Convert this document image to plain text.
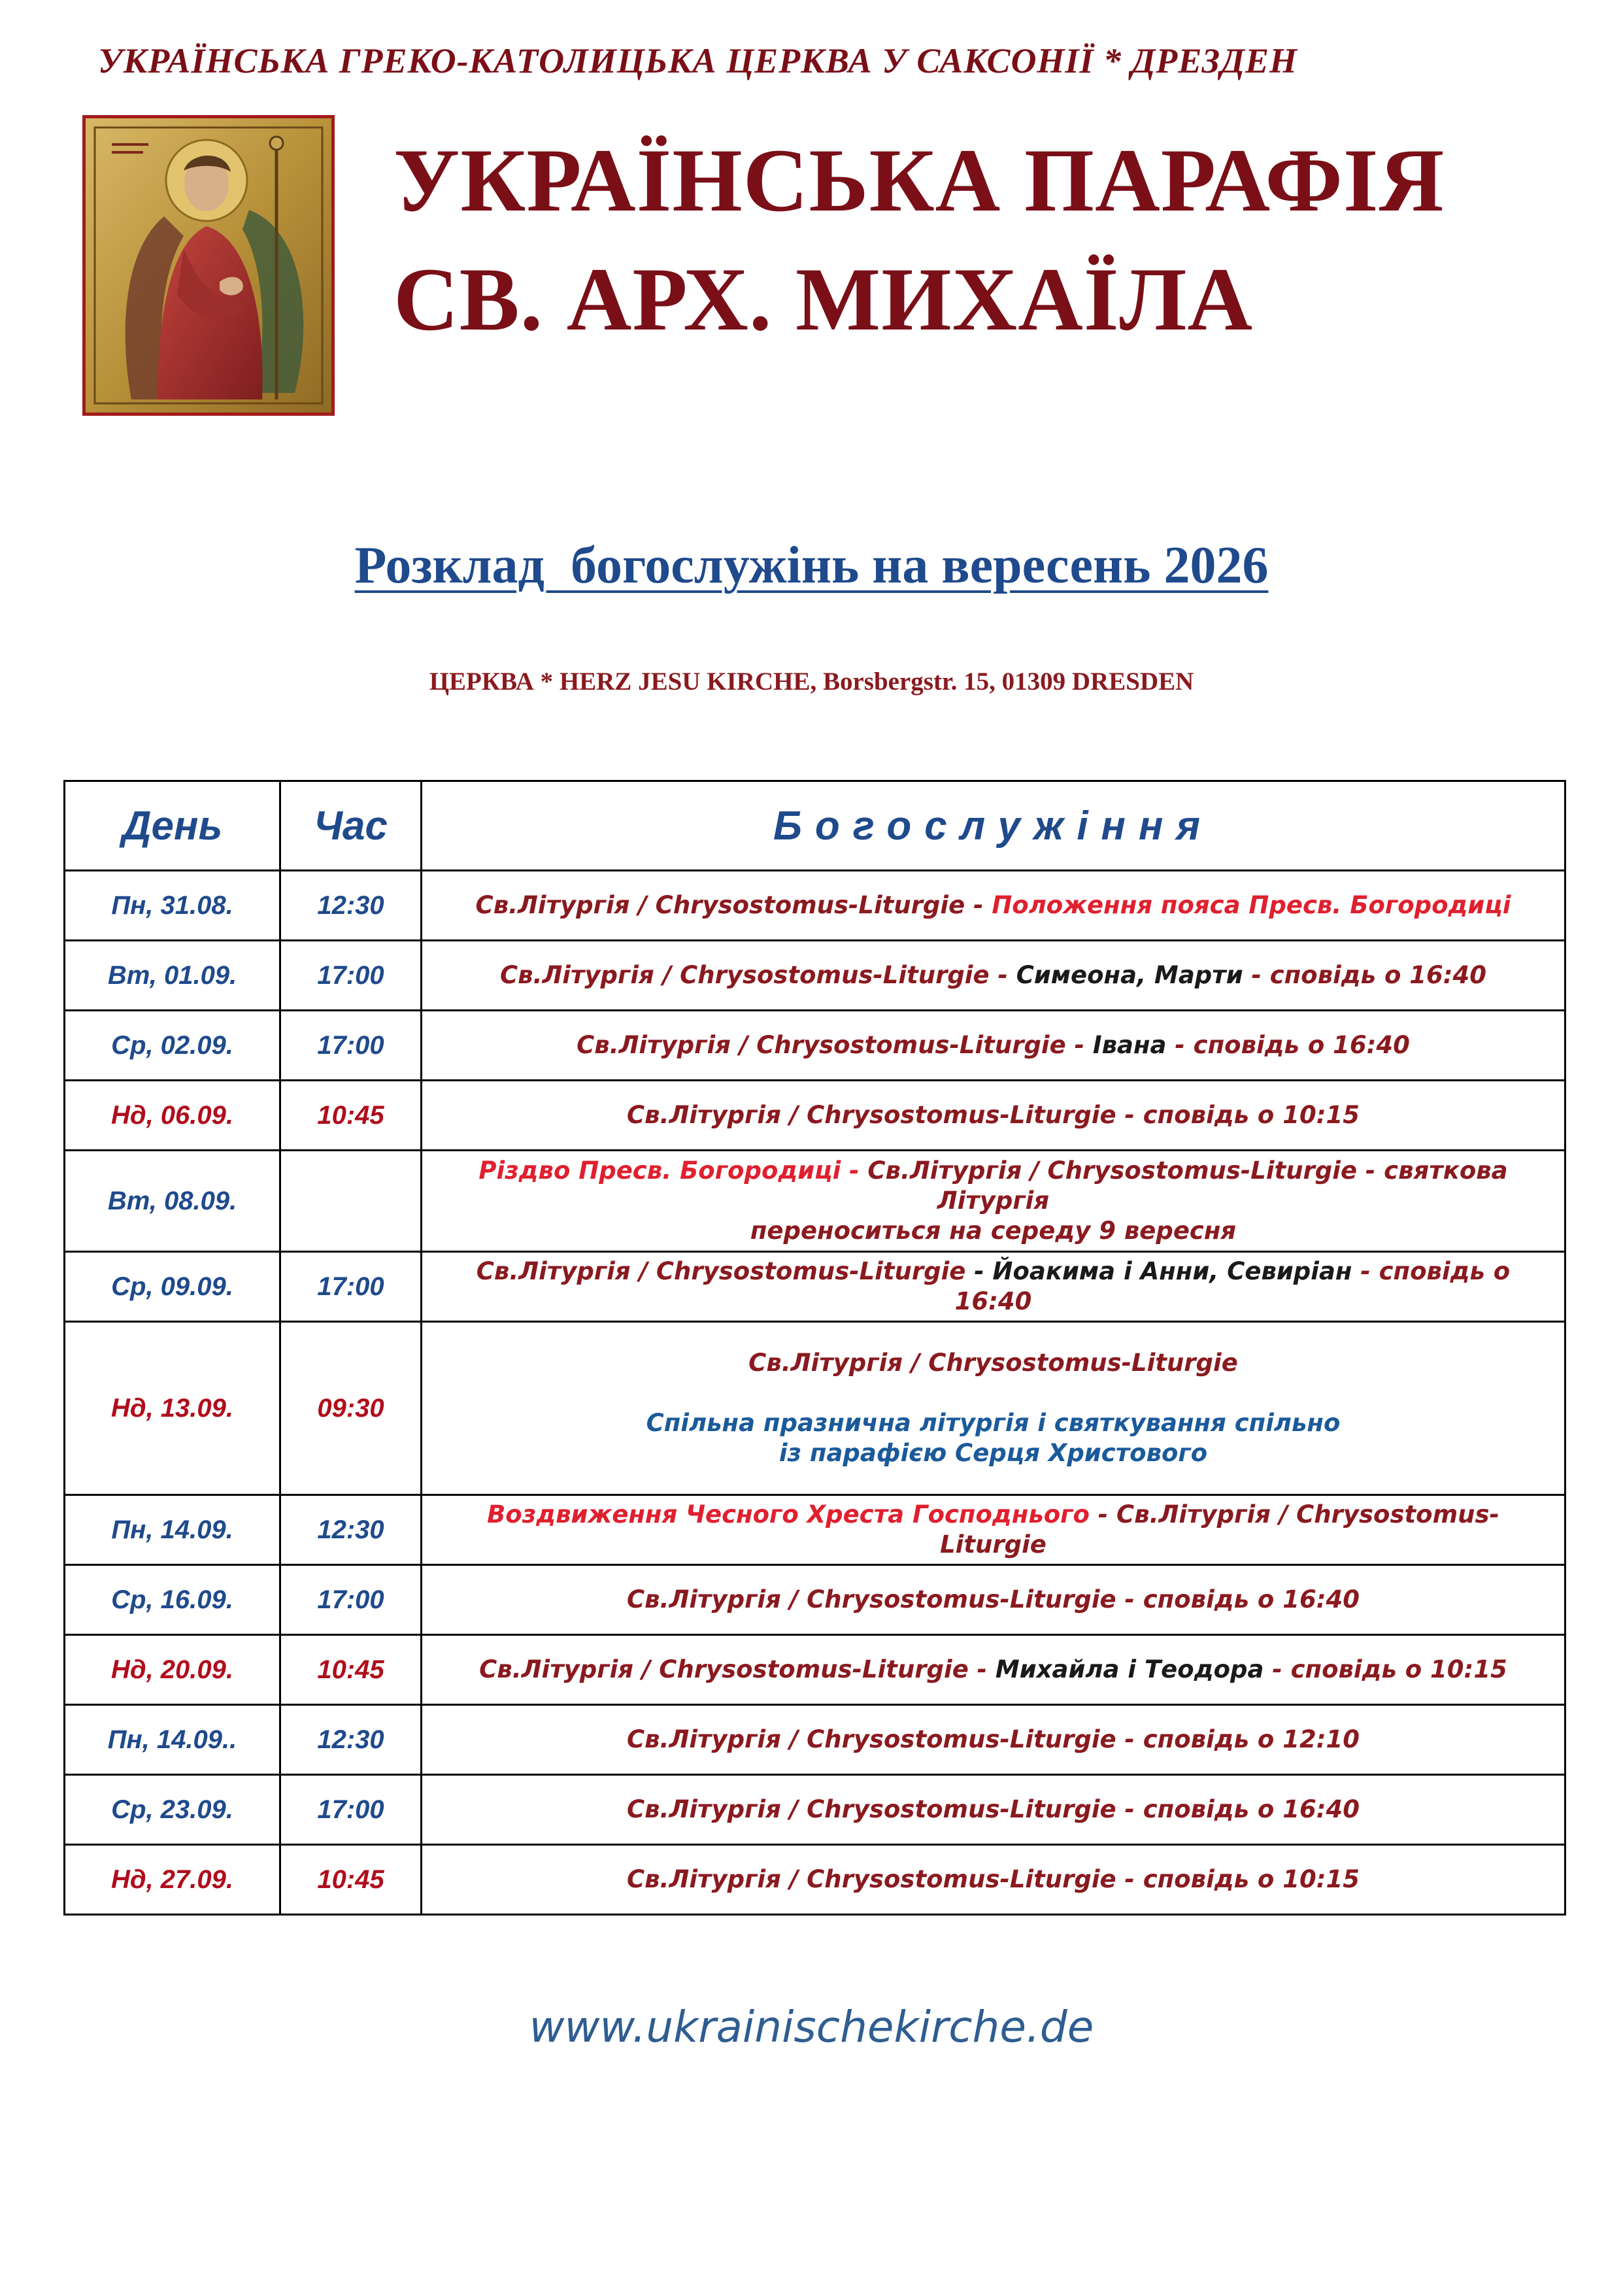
УКРАЇНСЬКА ГРЕКО-КАТОЛИЦЬКА ЦЕРКВА У САКСОНІЇ * ДРЕЗДЕН
УКРАЇНСЬКА ПАРАФІЯ
СВ. АРХ. МИХАЇЛА
Розклад  богослужінь на вересень 2026
ЦЕРКВА * HERZ JESU KIRCHE, Borsbergstr. 15, 01309 DRESDEN
День	Час	Богослужіння
Пн, 31.08.	12:30	Св.Літургія / Chrysostomus-Liturgie - Положення пояса Пресв. Богородиці
Вт, 01.09.	17:00	Св.Літургія / Chrysostomus-Liturgie - Симеона, Марти - сповідь о 16:40
Ср, 02.09.	17:00	Св.Літургія / Chrysostomus-Liturgie - Івана - сповідь о 16:40
Нд, 06.09.	10:45	Св.Літургія / Chrysostomus-Liturgie - сповідь о 10:15
Вт, 08.09.		Різдво Пресв. Богородиці - Св.Літургія / Chrysostomus-Liturgie - святкова Літургія
переноситься на середу 9 вересня
Ср, 09.09.	17:00	Св.Літургія / Chrysostomus-Liturgie - Йоакима і Анни, Севиріан - сповідь о 16:40
Нд, 13.09.	09:30	Св.Літургія / Chrysostomus-Liturgie
Спільна празнична літургія і святкування спільно
із парафією Серця Христового
Пн, 14.09.	12:30	Воздвиження Чесного Хреста Господнього - Св.Літургія / Chrysostomus-Liturgie
Ср, 16.09.	17:00	Св.Літургія / Chrysostomus-Liturgie - сповідь о 16:40
Нд, 20.09.	10:45	Св.Літургія / Chrysostomus-Liturgie - Михайла і Теодора - сповідь о 10:15
Пн, 14.09..	12:30	Св.Літургія / Chrysostomus-Liturgie - сповідь о 12:10
Ср, 23.09.	17:00	Св.Літургія / Chrysostomus-Liturgie - сповідь о 16:40
Нд, 27.09.	10:45	Св.Літургія / Chrysostomus-Liturgie - сповідь о 10:15
www.ukrainischekirche.de
